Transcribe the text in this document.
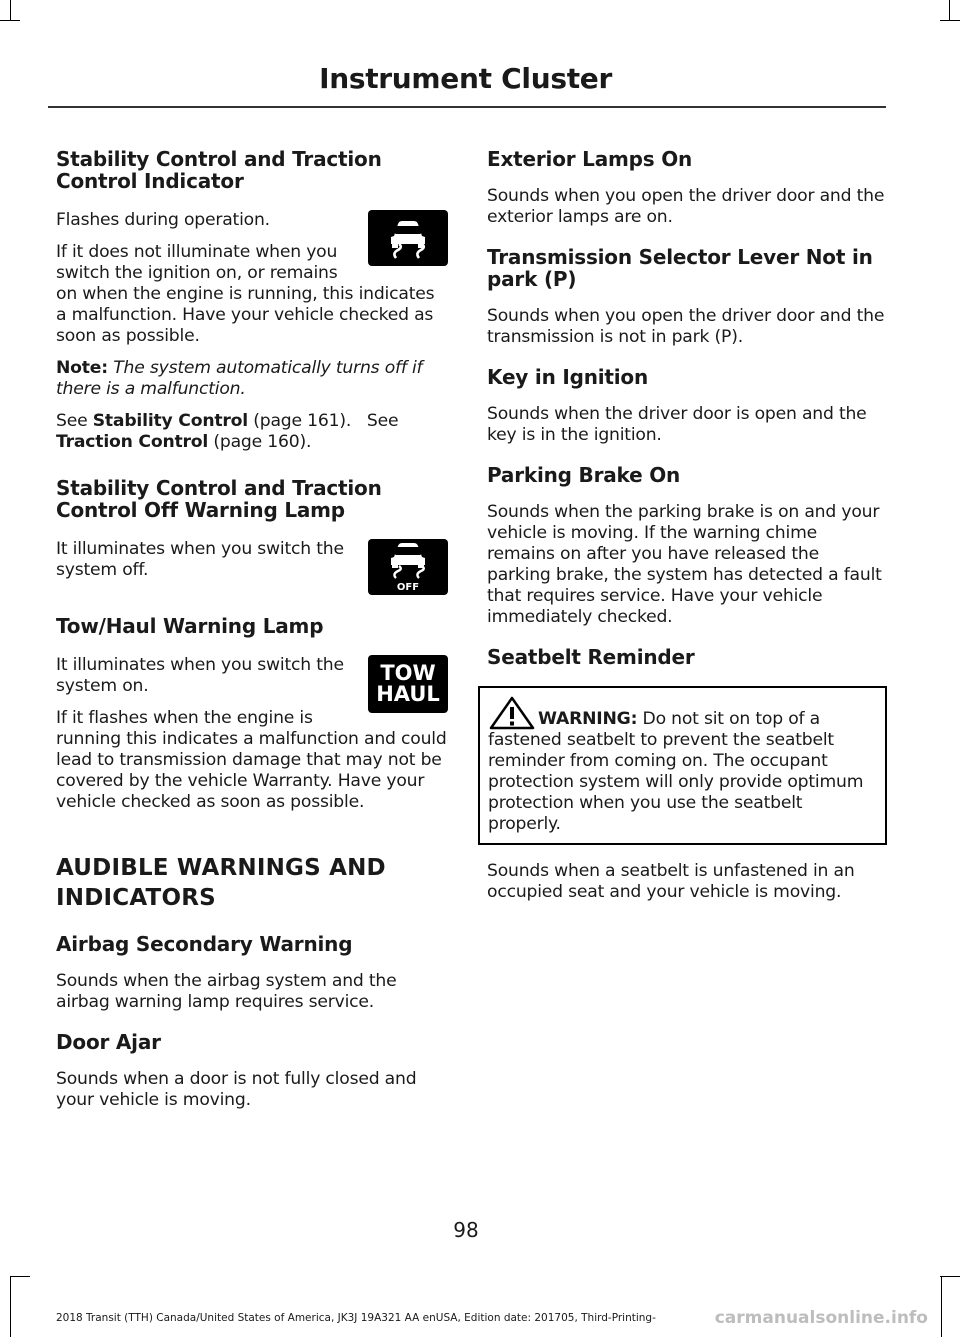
Instrument Cluster
Stability Control and Traction Control Indicator

Flashes during operation.

If it does not illuminate when you switch the ignition on, or remains on when the engine is running, this indicates a malfunction. Have your vehicle checked as soon as possible.

Note: The system automatically turns off if there is a malfunction.

See Stability Control (page 161). See Traction Control (page 160).

Stability Control and Traction Control Off Warning Lamp
OFF

It illuminates when you switch the system off.

Tow/Haul Warning Lamp
TOW
HAUL

It illuminates when you switch the system on.

If it flashes when the engine is running this indicates a malfunction and could lead to transmission damage that may not be covered by the vehicle Warranty. Have your vehicle checked as soon as possible.

AUDIBLE WARNINGS AND
INDICATORS
Airbag Secondary Warning

Sounds when the airbag system and the airbag warning lamp requires service.

Door Ajar

Sounds when a door is not fully closed and your vehicle is moving.

Exterior Lamps On

Sounds when you open the driver door and the exterior lamps are on.

Transmission Selector Lever Not in park (P)

Sounds when you open the driver door and the transmission is not in park (P).

Key in Ignition

Sounds when the driver door is open and the key is in the ignition.

Parking Brake On

Sounds when the parking brake is on and your vehicle is moving. If the warning chime remains on after you have released the parking brake, the system has detected a fault that requires service. Have your vehicle immediately checked.

Seatbelt Reminder

WARNING: Do not sit on top of a fastened seatbelt to prevent the seatbelt reminder from coming on. The occupant protection system will only provide optimum protection when you use the seatbelt properly.

Sounds when a seatbelt is unfastened in an occupied seat and your vehicle is moving.

98
2018 Transit (TTH) Canada/United States of America, JK3J 19A321 AA enUSA, Edition date: 201705, Third-Printing-	carmanualsonline.info
